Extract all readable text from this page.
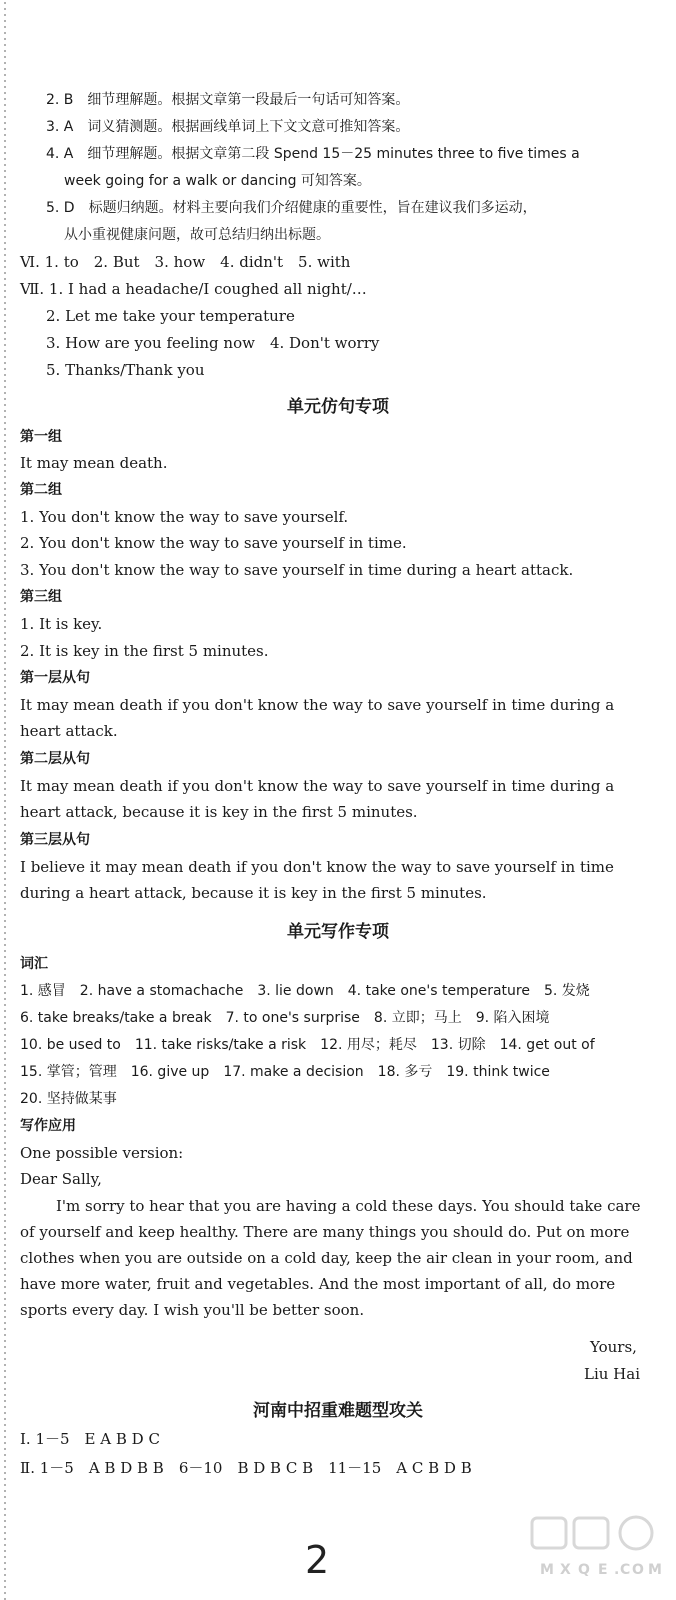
2. B　细节理解题。根据文章第一段最后一句话可知答案。
3. A　词义猜测题。根据画线单词上下文文意可推知答案。
4. A　细节理解题。根据文章第二段 Spend 15－25 minutes three to five times a
week going for a walk or dancing 可知答案。
5. D　标题归纳题。材料主要向我们介绍健康的重要性，旨在建议我们多运动，
从小重视健康问题，故可总结归纳出标题。
Ⅵ. 1. to　2. But　3. how　4. didn't　5. with
Ⅶ. 1. I had a headache/I coughed all night/…
2. Let me take your temperature
3. How are you feeling now　4. Don't worry
5. Thanks/Thank you
单元仿句专项
第一组
It may mean death.
第二组
1. You don't know the way to save yourself.
2. You don't know the way to save yourself in time.
3. You don't know the way to save yourself in time during a heart attack.
第三组
1. It is key.
2. It is key in the first 5 minutes.
第一层从句
It may mean death if you don't know the way to save yourself in time during a heart attack.
第二层从句
It may mean death if you don't know the way to save yourself in time during a heart attack, because it is key in the first 5 minutes.
第三层从句
I believe it may mean death if you don't know the way to save yourself in time during a heart attack, because it is key in the first 5 minutes.
单元写作专项
词汇
1. 感冒　2. have a stomachache　3. lie down　4. take one's temperature　5. 发烧
6. take breaks/take a break　7. to one's surprise　8. 立即；马上　9. 陷入困境
10. be used to　11. take risks/take a risk　12. 用尽；耗尽　13. 切除　14. get out of
15. 掌管；管理　16. give up　17. make a decision　18. 多亏　19. think twice
20. 坚持做某事
写作应用
One possible version:
Dear Sally,
I'm sorry to hear that you are having a cold these days. You should take care of yourself and keep healthy. There are many things you should do. Put on more clothes when you are outside on a cold day, keep the air clean in your room, and have more water, fruit and vegetables. And the most important of all, do more sports every day. I wish you'll be better soon.
Yours,
Liu Hai
河南中招重难题型攻关
Ⅰ. 1－5　E A B D C
Ⅱ. 1－5　A B D B B　6－10　B D B C B　11－15　A C B D B
2	M X Q E . C O M
